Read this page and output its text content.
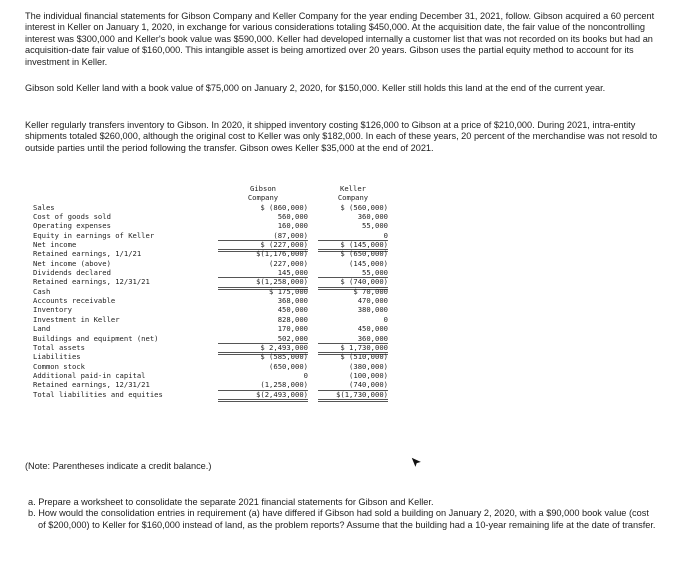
The individual financial statements for Gibson Company and Keller Company for the year ending December 31, 2021, follow. Gibson acquired a 60 percent interest in Keller on January 1, 2020, in exchange for various considerations totaling $450,000. At the acquisition date, the fair value of the noncontrolling interest was $300,000 and Keller's book value was $590,000. Keller had developed internally a customer list that was not recorded on its books but had an acquisition-date fair value of $160,000. This intangible asset is being amortized over 20 years. Gibson uses the partial equity method to account for its investment in Keller.

Gibson sold Keller land with a book value of $75,000 on January 2, 2020, for $150,000. Keller still holds this land at the end of the current year.

Keller regularly transfers inventory to Gibson. In 2020, it shipped inventory costing $126,000 to Gibson at a price of $210,000. During 2021, intra-entity shipments totaled $260,000, although the original cost to Keller was only $182,000. In each of these years, 20 percent of the merchandise was not resold to outside parties until the period following the transfer. Gibson owes Keller $35,000 at the end of 2021.

Gibson	Keller
Company	Company
Sales	$ (860,000)	$ (560,000)
Cost of goods sold	560,000	360,000
Operating expenses	160,000	55,000
Equity in earnings of Keller	(87,000)	0
Net income	$ (227,000)	$ (145,000)
Retained earnings, 1/1/21	$(1,176,000)	$ (650,000)
Net income (above)	(227,000)	(145,000)
Dividends declared	145,000	55,000
Retained earnings, 12/31/21	$(1,258,000)	$ (740,000)
Cash	$ 175,000	$ 70,000
Accounts receivable	368,000	470,000
Inventory	450,000	380,000
Investment in Keller	828,000	0
Land	170,000	450,000
Buildings and equipment (net)	502,000	360,000
Total assets	$ 2,493,000	$ 1,730,000
Liabilities	$ (585,000)	$ (510,000)
Common stock	(650,000)	(380,000)
Additional paid-in capital	0	(100,000)
Retained earnings, 12/31/21	(1,258,000)	(740,000)
Total liabilities and equities	$(2,493,000)	$(1,730,000)
(Note: Parentheses indicate a credit balance.)
a. Prepare a worksheet to consolidate the separate 2021 financial statements for Gibson and Keller.
b. How would the consolidation entries in requirement (a) have differed if Gibson had sold a building on January 2, 2020, with a $90,000 book value (cost of $200,000) to Keller for $160,000 instead of land, as the problem reports? Assume that the building had a 10-year remaining life at the date of transfer.
